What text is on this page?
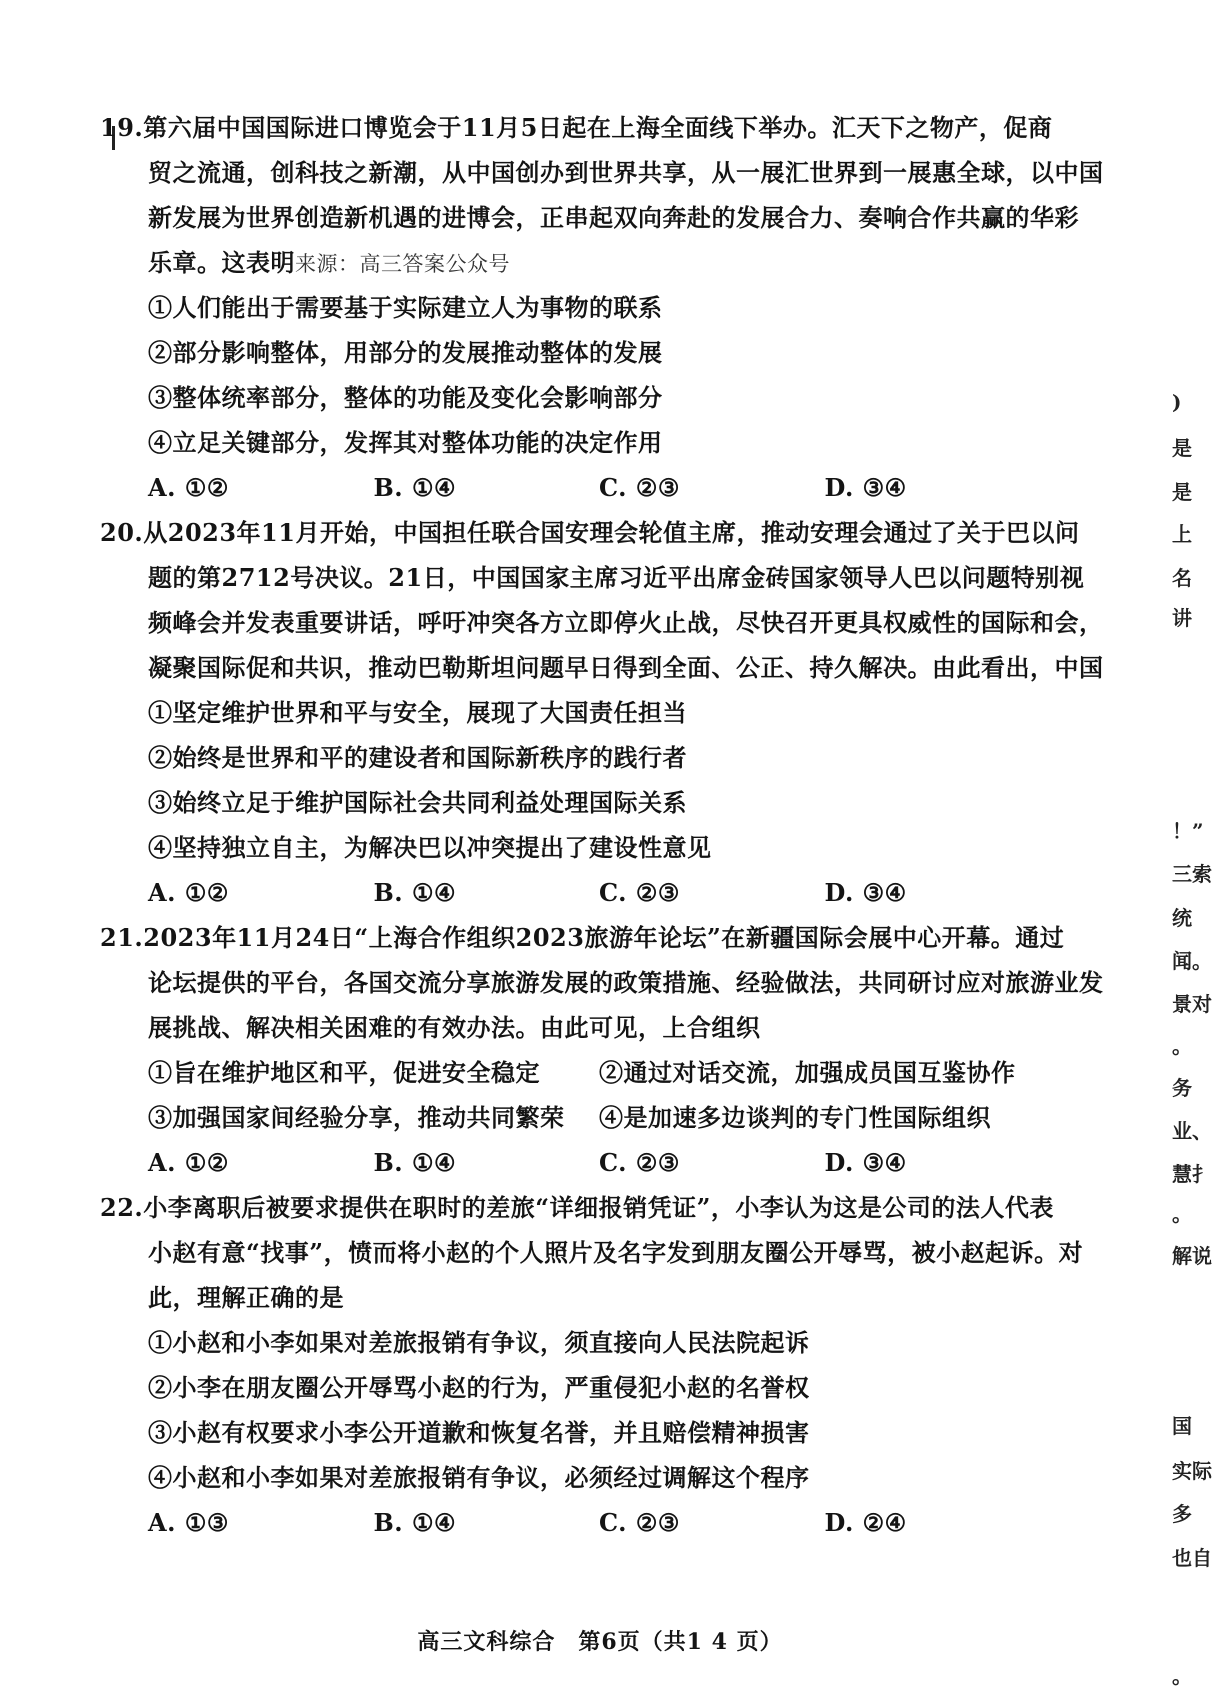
19.第六届中国国际进口博览会于11月5日起在上海全面线下举办。汇天下之物产，促商
贸之流通，创科技之新潮，从中国创办到世界共享，从一展汇世界到一展惠全球，以中国
新发展为世界创造新机遇的进博会，正串起双向奔赴的发展合力、奏响合作共赢的华彩
乐章。这表明来源：高三答案公众号
①人们能出于需要基于实际建立人为事物的联系
②部分影响整体，用部分的发展推动整体的发展
③整体统率部分，整体的功能及变化会影响部分
④立足关键部分，发挥其对整体功能的决定作用
A. ①②	B. ①④	C. ②③	D. ③④
20.从2023年11月开始，中国担任联合国安理会轮值主席，推动安理会通过了关于巴以问
题的第2712号决议。21日，中国国家主席习近平出席金砖国家领导人巴以问题特别视
频峰会并发表重要讲话，呼吁冲突各方立即停火止战，尽快召开更具权威性的国际和会，
凝聚国际促和共识，推动巴勒斯坦问题早日得到全面、公正、持久解决。由此看出，中国
①坚定维护世界和平与安全，展现了大国责任担当
②始终是世界和平的建设者和国际新秩序的践行者
③始终立足于维护国际社会共同利益处理国际关系
④坚持独立自主，为解决巴以冲突提出了建设性意见
A. ①②	B. ①④	C. ②③	D. ③④
21.2023年11月24日“上海合作组织2023旅游年论坛”在新疆国际会展中心开幕。通过
论坛提供的平台，各国交流分享旅游发展的政策措施、经验做法，共同研讨应对旅游业发
展挑战、解决相关困难的有效办法。由此可见，上合组织
①旨在维护地区和平，促进安全稳定	②通过对话交流，加强成员国互鉴协作
③加强国家间经验分享，推动共同繁荣	④是加速多边谈判的专门性国际组织
A. ①②	B. ①④	C. ②③	D. ③④
22.小李离职后被要求提供在职时的差旅“详细报销凭证”，小李认为这是公司的法人代表
小赵有意“找事”，愤而将小赵的个人照片及名字发到朋友圈公开辱骂，被小赵起诉。对
此，理解正确的是
①小赵和小李如果对差旅报销有争议，须直接向人民法院起诉
②小李在朋友圈公开辱骂小赵的行为，严重侵犯小赵的名誉权
③小赵有权要求小李公开道歉和恢复名誉，并且赔偿精神损害
④小赵和小李如果对差旅报销有争议，必须经过调解这个程序
A. ①③	B. ①④	C. ②③	D. ②④
高三文科综合　第6页（共1 4 页）
)
是
是
上
名
讲
！”
三索
统
闻。
景对
。
务
业、
慧扌
。
解说
国
实际
多
也自
。
